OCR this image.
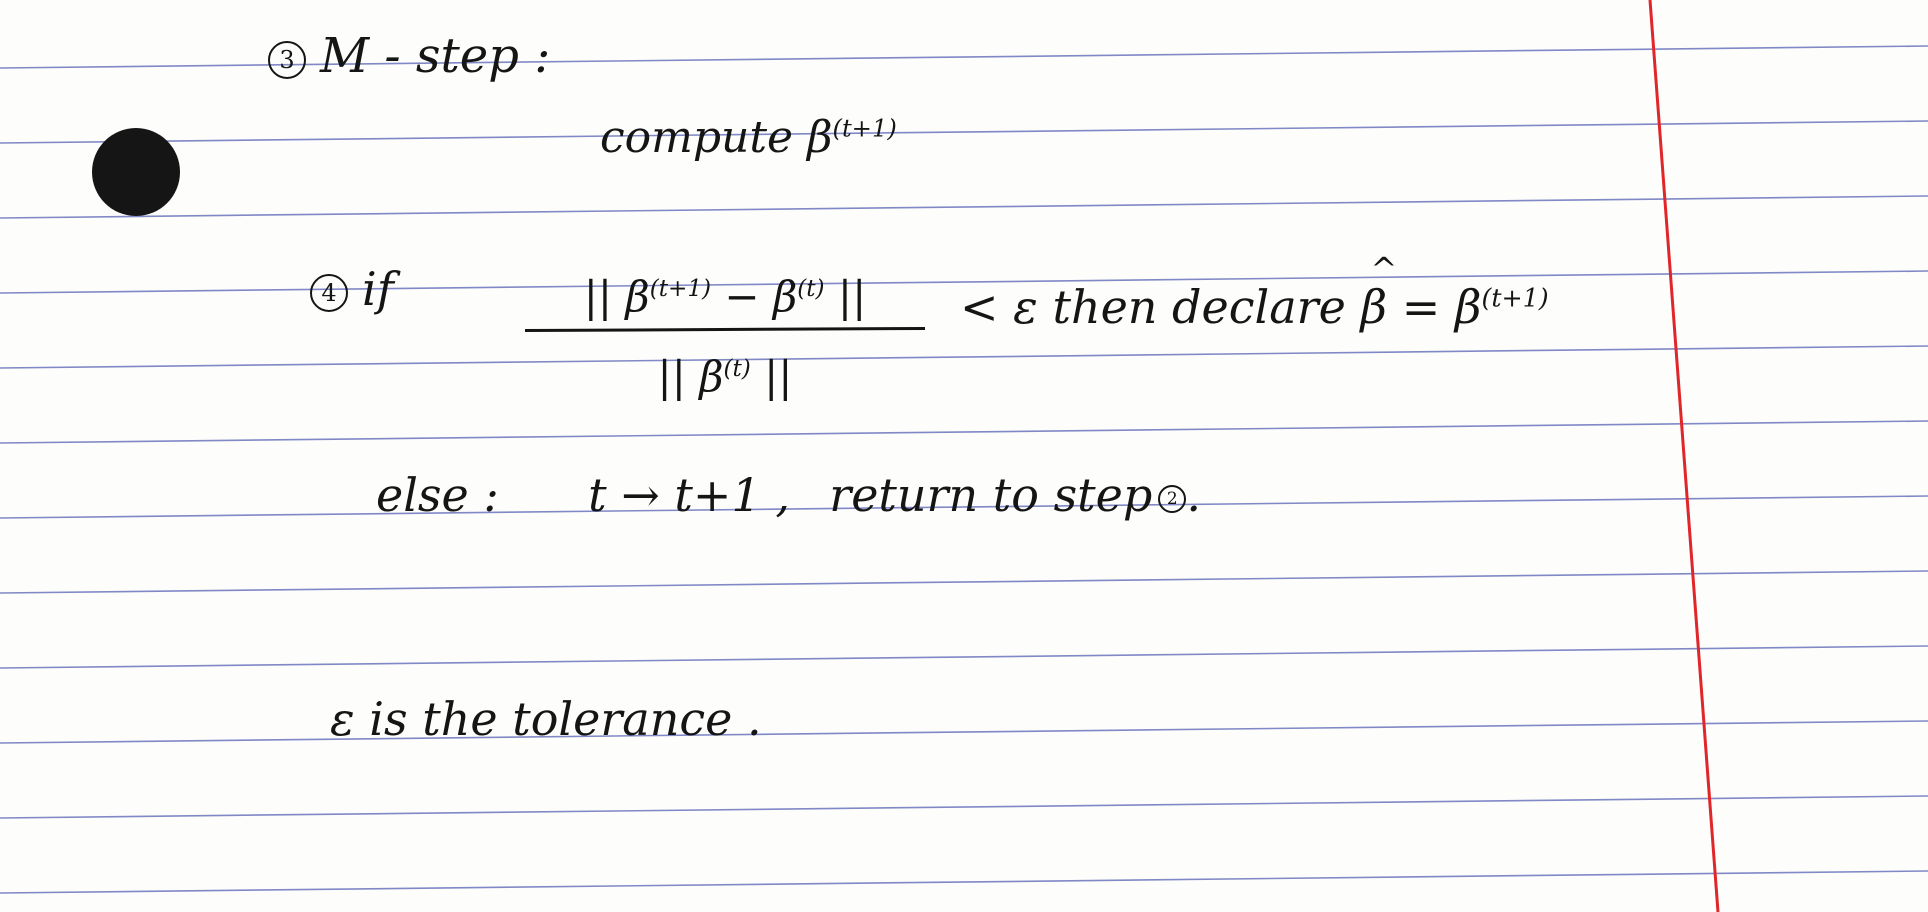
3 M - step :
compute $\beta^{(t+1)}$
4 if	|| $\beta^{(t+1)} - \beta^{(t)}$ ||
|| $\beta^{(t)}$ ||
< ε then declare ^ $\beta = \beta^{(t+1)}$
else : t → t+1 , return to step 2 .
ε is the tolerance .
